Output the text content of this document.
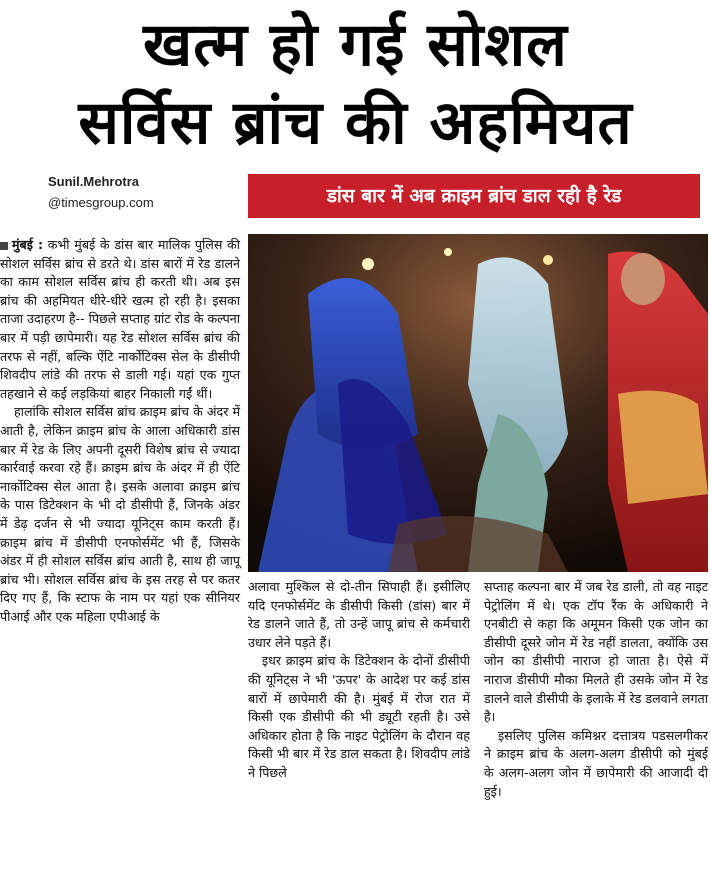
खत्म हो गई सोशल
सर्विस ब्रांच की अहमियत
Sunil.Mehrotra
@timesgroup.com	डांस बार में अब क्राइम ब्रांच डाल रही है रेड

मुंबई : कभी मुंबई के डांस बार मालिक पुलिस की सोशल सर्विस ब्रांच से डरते थे। डांस बारों में रेड डालने का काम सोशल सर्विस ब्रांच ही करती थी। अब इस ब्रांच की अहमियत धीरे-धीरे खत्म हो रही है। इसका ताजा उदाहरण है-- पिछले सप्ताह ग्रांट रोड के कल्पना बार में पड़ी छापेमारी। यह रेड सोशल सर्विस ब्रांच की तरफ से नहीं, बल्कि ऐंटि नार्कोटिक्स सेल के डीसीपी शिवदीप लांडे की तरफ से डाली गई। यहां एक गुप्त तहखाने से कई लड़कियां बाहर निकाली गईं थीं।

हालांकि सोशल सर्विस ब्रांच क्राइम ब्रांच के अंदर में आती है, लेकिन क्राइम ब्रांच के आला अधिकारी डांस बार में रेड के लिए अपनी दूसरी विशेष ब्रांच से ज्यादा कार्रवाई करवा रहे हैं। क्राइम ब्रांच के अंदर में ही ऐंटि नार्कोटिक्स सेल आता है। इसके अलावा क्राइम ब्रांच के पास डिटेक्शन के भी दो डीसीपी हैं, जिनके अंडर में डेढ़ दर्जन से भी ज्यादा यूनिट्स काम करती हैं। क्राइम ब्रांच में डीसीपी एनफोर्समेंट भी हैं, जिसके अंडर में ही सोशल सर्विस ब्रांच आती है, साथ ही जापू ब्रांच भी। सोशल सर्विस ब्रांच के इस तरह से पर कतर दिए गए हैं, कि स्टाफ के नाम पर यहां एक सीनियर पीआई और एक महिला एपीआई के

अलावा मुश्किल से दो-तीन सिपाही हैं। इसीलिए यदि एनफोर्समेंट के डीसीपी किसी (डांस) बार में रेड डालने जाते हैं, तो उन्हें जापू ब्रांच से कर्मचारी उधार लेने पड़ते हैं।

इधर क्राइम ब्रांच के डिटेक्शन के दोनों डीसीपी की यूनिट्स ने भी 'ऊपर' के आदेश पर कई डांस बारों में छापेमारी की है। मुंबई में रोज रात में किसी एक डीसीपी की भी ड्यूटी रहती है। उसे अधिकार होता है कि नाइट पेट्रोलिंग के दौरान वह किसी भी बार में रेड डाल सकता है। शिवदीप लांडे ने पिछले

सप्ताह कल्पना बार में जब रेड डाली, तो वह नाइट पेट्रोलिंग में थे। एक टॉप रैंक के अधिकारी ने एनबीटी से कहा कि अमूमन किसी एक जोन का डीसीपी दूसरे जोन में रेड नहीं डालता, क्योंकि उस जोन का डीसीपी नाराज हो जाता है। ऐसे में नाराज डीसीपी मौका मिलते ही उसके जोन में रेड डालने वाले डीसीपी के इलाके में रेड डलवाने लगता है।

इसलिए पुलिस कमिश्नर दत्तात्रय पडसलगीकर ने क्राइम ब्रांच के अलग-अलग डीसीपी को मुंबई के अलग-अलग जोन में छापेमारी की आजादी दी हुई।
